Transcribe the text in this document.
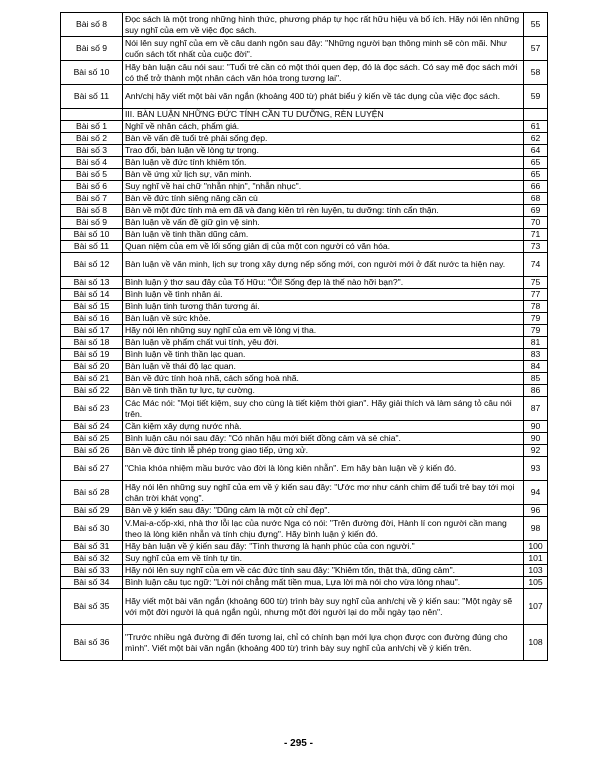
Bài số 8	Đọc sách là một trong những hình thức, phương pháp tự học rất hữu hiệu và bổ ích. Hãy nói lên những suy nghĩ của em về việc đọc sách.	55
Bài số 9	Nói lên suy nghĩ của em về câu danh ngôn sau đây: "Những người bạn thông minh sẽ còn mãi. Như cuốn sách tốt nhất của cuộc đời".	57
Bài số 10	Hãy bàn luận câu nói sau: "Tuổi trẻ cần có một thói quen đẹp, đó là đọc sách. Có say mê đọc sách mới có thể trở thành một nhân cách văn hóa trong tương lai".	58
Bài số 11	Anh/chị hãy viết một bài văn ngắn (khoảng 400 từ) phát biểu ý kiến về tác dụng của việc đọc sách.	59
	III. BÀN LUẬN NHỮNG ĐỨC TÍNH CẦN TU DƯỠNG, RÈN LUYỆN	
Bài số 1	Nghĩ về nhân cách, phẩm giá.	61
Bài số 2	Bàn về vấn đề tuổi trẻ phải sống đẹp.	62
Bài số 3	Trao đổi, bàn luận về lòng tự trọng.	64
Bài số 4	Bàn luận về đức tính khiêm tốn.	65
Bài số 5	Bàn về ứng xử lịch sự, văn minh.	65
Bài số 6	Suy nghĩ về hai chữ "nhẫn nhịn", "nhẫn nhục".	66
Bài số 7	Bàn về đức tính siêng năng cần cù	68
Bài số 8	Bàn về một đức tính mà em đã và đang kiên trì rèn luyện, tu dưỡng: tính cẩn thận.	69
Bài số 9	Bàn luận về vấn đề giữ gìn vệ sinh.	70
Bài số 10	Bàn luận về tinh thần dũng cảm.	71
Bài số 11	Quan niệm của em về lối sống giản dị của một con người có văn hóa.	73
Bài số 12	Bàn luận về văn minh, lịch sự trong xây dựng nếp sống mới, con người mới ở đất nước ta hiện nay.	74
Bài số 13	Bình luận ý thơ sau đây của Tố Hữu: "Ôi! Sống đẹp là thế nào hỡi bạn?".	75
Bài số 14	Bình luận về tình nhân ái.	77
Bài số 15	Bình luận tinh tương thân tương ái.	78
Bài số 16	Bàn luận về sức khỏe.	79
Bài số 17	Hãy nói lên những suy nghĩ của em về lòng vị tha.	79
Bài số 18	Bàn luận về phẩm chất vui tính, yêu đời.	81
Bài số 19	Bình luận về tinh thần lạc quan.	83
Bài số 20	Bàn luận về thái độ lạc quan.	84
Bài số 21	Bàn về đức tính hoà nhã, cách sống hoà nhã.	85
Bài số 22	Bàn về tinh thần tự lực, tự cường.	86
Bài số 23	Các Mác nói: "Mọi tiết kiệm, suy cho cùng là tiết kiệm thời gian". Hãy giải thích và làm sáng tỏ câu nói trên.	87
Bài số 24	Cần kiệm xây dựng nước nhà.	90
Bài số 25	Bình luận câu nói sau đây: "Có nhân hậu mới biết đồng cảm và sẻ chia".	90
Bài số 26	Bàn về đức tính lễ phép trong giao tiếp, ứng xử.	92
Bài số 27	"Chìa khóa nhiệm mầu bước vào đời là lòng kiên nhẫn". Em hãy bàn luận về ý kiến đó.	93
Bài số 28	Hãy nói lên những suy nghĩ của em về ý kiến sau đây: "Ước mơ như cánh chim để tuổi trẻ bay tới mọi chân trời khát vọng".	94
Bài số 29	Bàn về ý kiến sau đây: "Dũng cảm là một cử chỉ đẹp".	96
Bài số 30	V.Mai-a-cốp-xki, nhà thơ lỗi lạc của nước Nga có nói: "Trên đường đời, Hành lí con người cần mang theo là lòng kiên nhẫn và tính chịu đựng". Hãy bình luận ý kiến đó.	98
Bài số 31	Hãy bàn luận về ý kiến sau đây: "Tình thương là hạnh phúc của con người."	100
Bài số 32	Suy nghĩ của em về tính tự tin.	101
Bài số 33	Hãy nói lên suy nghĩ của em về các đức tính sau đây: "Khiêm tốn, thật thà, dũng cảm".	103
Bài số 34	Bình luận câu tục ngữ: "Lời nói chẳng mất tiền mua, Lựa lời mà nói cho vừa lòng nhau".	105
Bài số 35	Hãy viết một bài văn ngắn (khoảng 600 từ) trình bày suy nghĩ của anh/chị về ý kiến sau: "Một ngày sẽ với một đời người là quá ngắn ngủi, nhưng một đời người lại do mỗi ngày tạo nên".	107
Bài số 36	"Trước nhiều ngả đường đi đến tương lai, chỉ có chính bạn mới lựa chọn được con đường đúng cho mình". Viết một bài văn ngắn (khoảng 400 từ) trình bày suy nghĩ của anh/chị về ý kiến trên.	108
- 295 -
